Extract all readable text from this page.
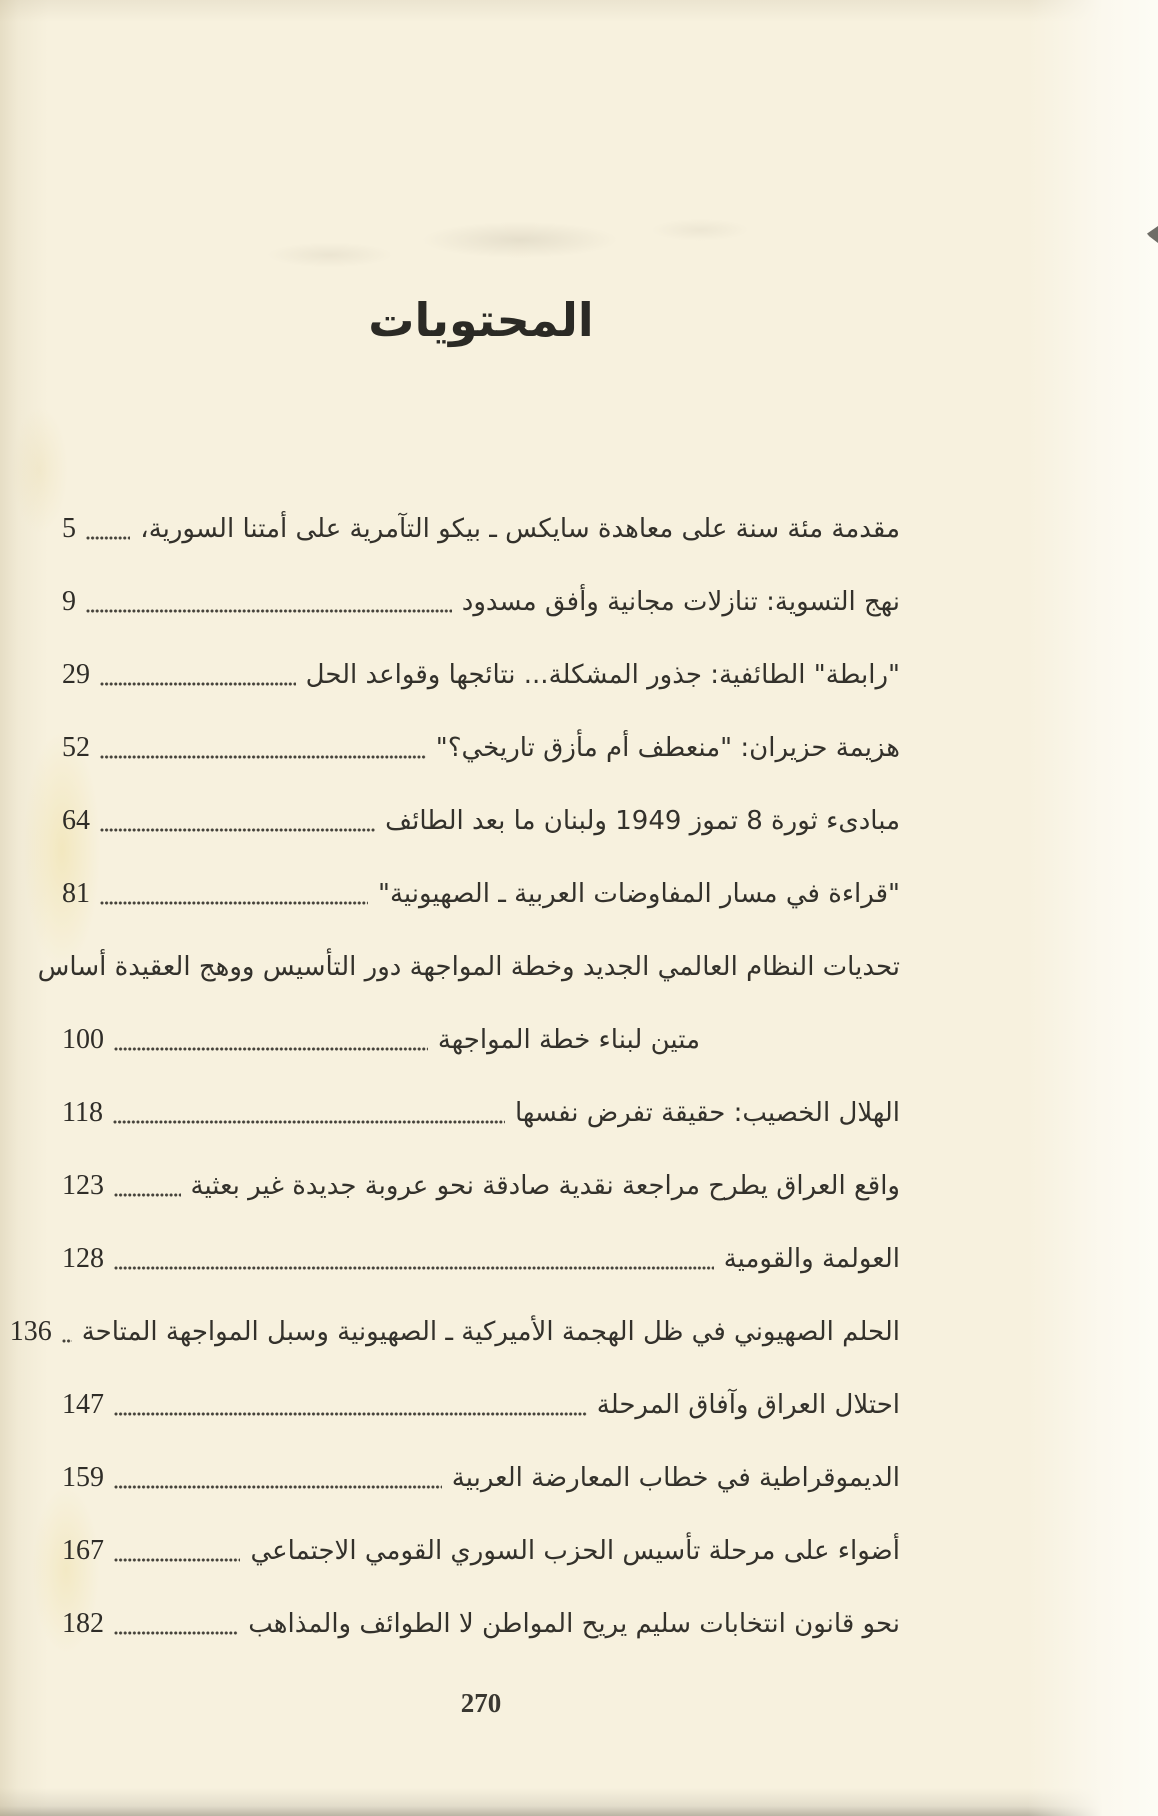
المحتويات
مقدمة مئة سنة على معاهدة سايكس ـ بيكو التآمرية على أمتنا السورية،
5
نهج التسوية: تنازلات مجانية وأفق مسدود
9
"رابطة" الطائفية: جذور المشكلة... نتائجها وقواعد الحل
29
هزيمة حزيران: "منعطف أم مأزق تاريخي؟"
52
مبادىء ثورة 8 تموز 1949 ولبنان ما بعد الطائف
64
"قراءة في مسار المفاوضات العربية ـ الصهيونية"
81
تحديات النظام العالمي الجديد وخطة المواجهة دور التأسيس ووهج العقيدة أساس
متين لبناء خطة المواجهة
100
الهلال الخصيب: حقيقة تفرض نفسها
118
واقع العراق يطرح مراجعة نقدية صادقة نحو عروبة جديدة غير بعثية
123
العولمة والقومية
128
الحلم الصهيوني في ظل الهجمة الأميركية ـ الصهيونية وسبل المواجهة المتاحة
136
احتلال العراق وآفاق المرحلة
147
الديموقراطية في خطاب المعارضة العربية
159
أضواء على مرحلة تأسيس الحزب السوري القومي الاجتماعي
167
نحو قانون انتخابات سليم يريح المواطن لا الطوائف والمذاهب
182
270
